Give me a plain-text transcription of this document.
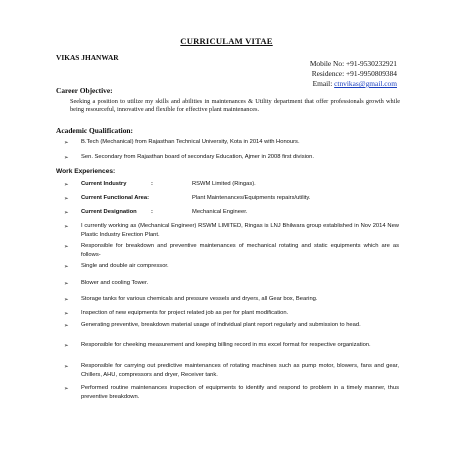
CURRICULAM VITAE
VIKAS JHANWAR
Mobile No: +91-9530232921
Residence: +91-9950809384
Email: ctnvikas@gmail.com
Career Objective:
Seeking a position to utilize my skills and abilities in maintenances & Utility department that offer professionals growth while being resourceful, innovative and flexible for effective plant maintenances.
Academic Qualification:
➢ B.Tech (Mechanical) from Rajasthan Technical University, Kota in 2014 with Honours.
➢ Sen. Secondary from Rajasthan board of secondary Education, Ajmer in 2008 first division.
Work Experiences:
➢ Current Industry	:	RSWM Limited (Ringas).
➢ Current Functional Area:	Plant Maintenances/Equipments repairs/utility.
➢ Current Designation :	Mechanical Engineer.
➢ I currently working as (Mechanical Engineer) RSWM LIMITED, Ringas is LNJ Bhilwara group established in Nov 2014 New Plastic Industry Erection Plant.
➢ Responsible for breakdown and preventive maintenances of mechanical rotating and static equipments which are as follows-
➢ Single and double air compressor.
➢ Blower and cooling Tower.
➢ Storage tanks for various chemicals and pressure vessels and dryers, all Gear box, Bearing.
➢ Inspection of new equipments for project related job as per for plant modification.
➢ Generating preventive, breakdown material usage of individual plant report regularly and submission to head.
➢ Responsible for cheeking measurement and keeping billing record in ms excel format for respective organization.
➢ Responsible for carrying out predictive maintenances of rotating machines such as pump motor, blowers, fans and gear, Chillers, AHU, compressors and dryer, Receiver tank.
➢ Performed routine maintenances inspection of equipments to identify and respond to problem in a timely manner, thus preventive breakdown.
